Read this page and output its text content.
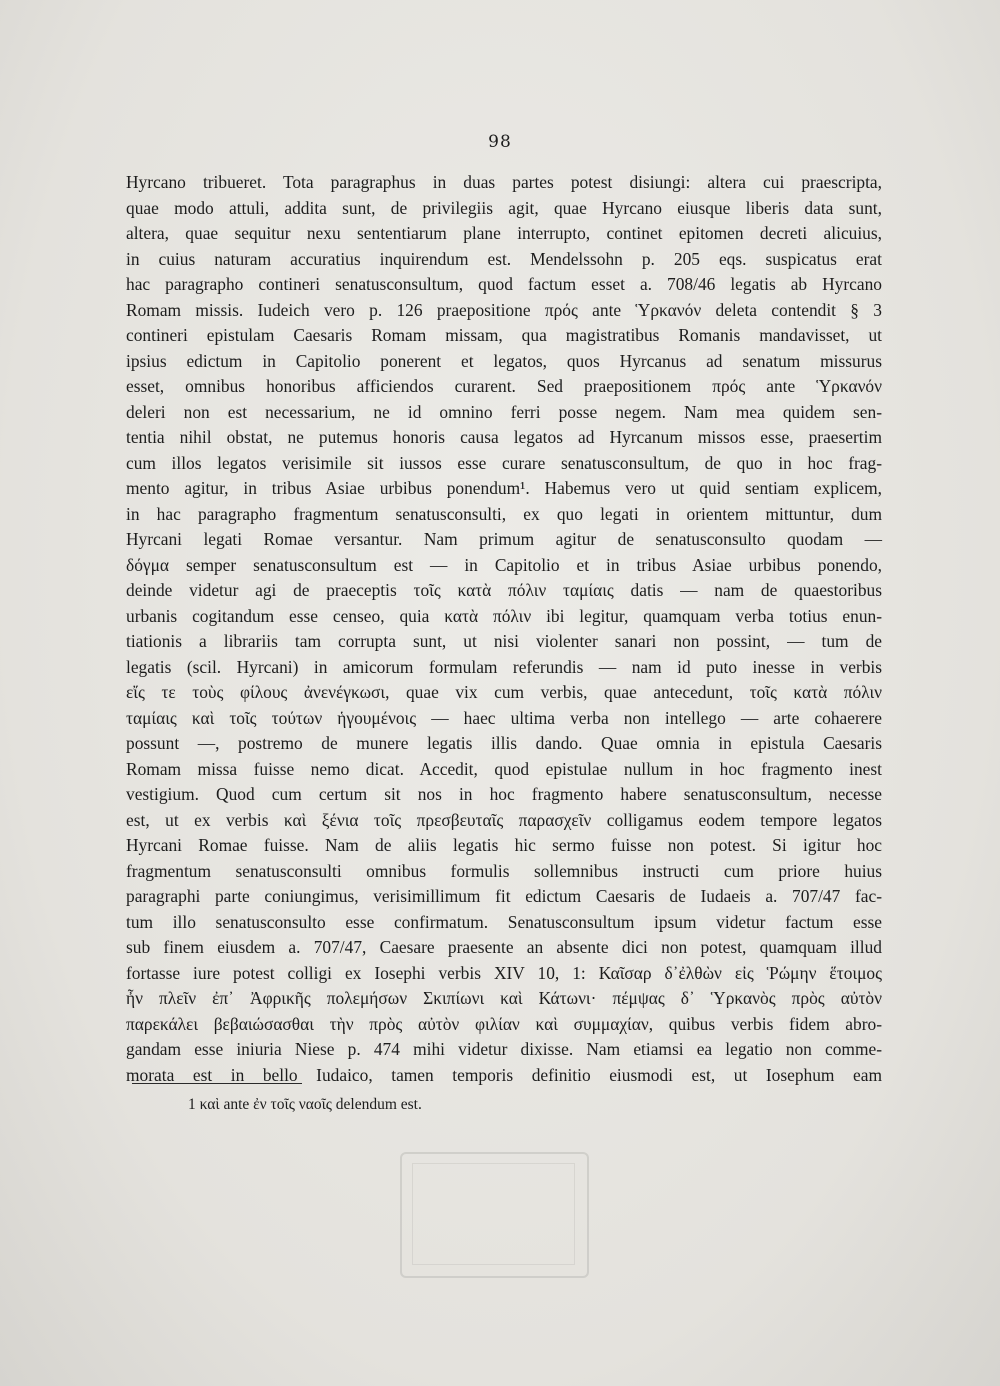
98
Hyrcano tribueret. Tota paragraphus in duas partes potest disiungi: altera cui praescripta,
quae modo attuli, addita sunt, de privilegiis agit, quae Hyrcano eiusque liberis data sunt,
altera, quae sequitur nexu sententiarum plane interrupto, continet epitomen decreti alicuius,
in cuius naturam accuratius inquirendum est. Mendelssohn p. 205 eqs. suspicatus erat
hac paragrapho contineri senatusconsultum, quod factum esset a. 708/46 legatis ab Hyrcano
Romam missis. Iudeich vero p. 126 praepositione πρός ante Ὑρκανόν deleta contendit § 3
contineri epistulam Caesaris Romam missam, qua magistratibus Romanis mandavisset, ut
ipsius edictum in Capitolio ponerent et legatos, quos Hyrcanus ad senatum missurus
esset, omnibus honoribus afficiendos curarent. Sed praepositionem πρός ante Ὑρκανόν
deleri non est necessarium, ne id omnino ferri posse negem. Nam mea quidem sen-
tentia nihil obstat, ne putemus honoris causa legatos ad Hyrcanum missos esse, praesertim
cum illos legatos verisimile sit iussos esse curare senatusconsultum, de quo in hoc frag-
mento agitur, in tribus Asiae urbibus ponendum¹. Habemus vero ut quid sentiam explicem,
in hac paragrapho fragmentum senatusconsulti, ex quo legati in orientem mittuntur, dum
Hyrcani legati Romae versantur. Nam primum agitur de senatusconsulto quodam —
δόγμα semper senatusconsultum est — in Capitolio et in tribus Asiae urbibus ponendo,
deinde videtur agi de praeceptis τοῖς κατὰ πόλιν ταμίαις datis — nam de quaestoribus
urbanis cogitandum esse censeo, quia κατὰ πόλιν ibi legitur, quamquam verba totius enun-
tiationis a librariis tam corrupta sunt, ut nisi violenter sanari non possint, — tum de
legatis (scil. Hyrcani) in amicorum formulam referundis — nam id puto inesse in verbis
εἴς τε τοὺς φίλους ἀνενέγκωσι, quae vix cum verbis, quae antecedunt, τοῖς κατὰ πόλιν
ταμίαις καὶ τοῖς τούτων ἡγουμένοις — haec ultima verba non intellego — arte cohaerere
possunt —, postremo de munere legatis illis dando. Quae omnia in epistula Caesaris
Romam missa fuisse nemo dicat. Accedit, quod epistulae nullum in hoc fragmento inest
vestigium. Quod cum certum sit nos in hoc fragmento habere senatusconsultum, necesse
est, ut ex verbis καὶ ξένια τοῖς πρεσβευταῖς παρασχεῖν colligamus eodem tempore legatos
Hyrcani Romae fuisse. Nam de aliis legatis hic sermo fuisse non potest. Si igitur hoc
fragmentum senatusconsulti omnibus formulis sollemnibus instructi cum priore huius
paragraphi parte coniungimus, verisimillimum fit edictum Caesaris de Iudaeis a. 707/47 fac-
tum illo senatusconsulto esse confirmatum. Senatusconsultum ipsum videtur factum esse
sub finem eiusdem a. 707/47, Caesare praesente an absente dici non potest, quamquam illud
fortasse iure potest colligi ex Iosephi verbis XIV 10, 1: Καῖσαρ δ᾽ἐλθὼν εἰς Ῥώμην ἕτοιμος
ἦν πλεῖν ἐπ᾽ Ἀφρικῆς πολεμήσων Σκιπίωνι καὶ Κάτωνι· πέμψας δ᾽ Ὑρκανὸς πρὸς αὐτὸν
παρεκάλει βεβαιώσασθαι τὴν πρὸς αὐτὸν φιλίαν καὶ συμμαχίαν, quibus verbis fidem abro-
gandam esse iniuria Niese p. 474 mihi videtur dixisse. Nam etiamsi ea legatio non comme-
morata est in bello Iudaico, tamen temporis definitio eiusmodi est, ut Iosephum eam
1 καὶ ante ἐν τοῖς ναοῖς delendum est.
